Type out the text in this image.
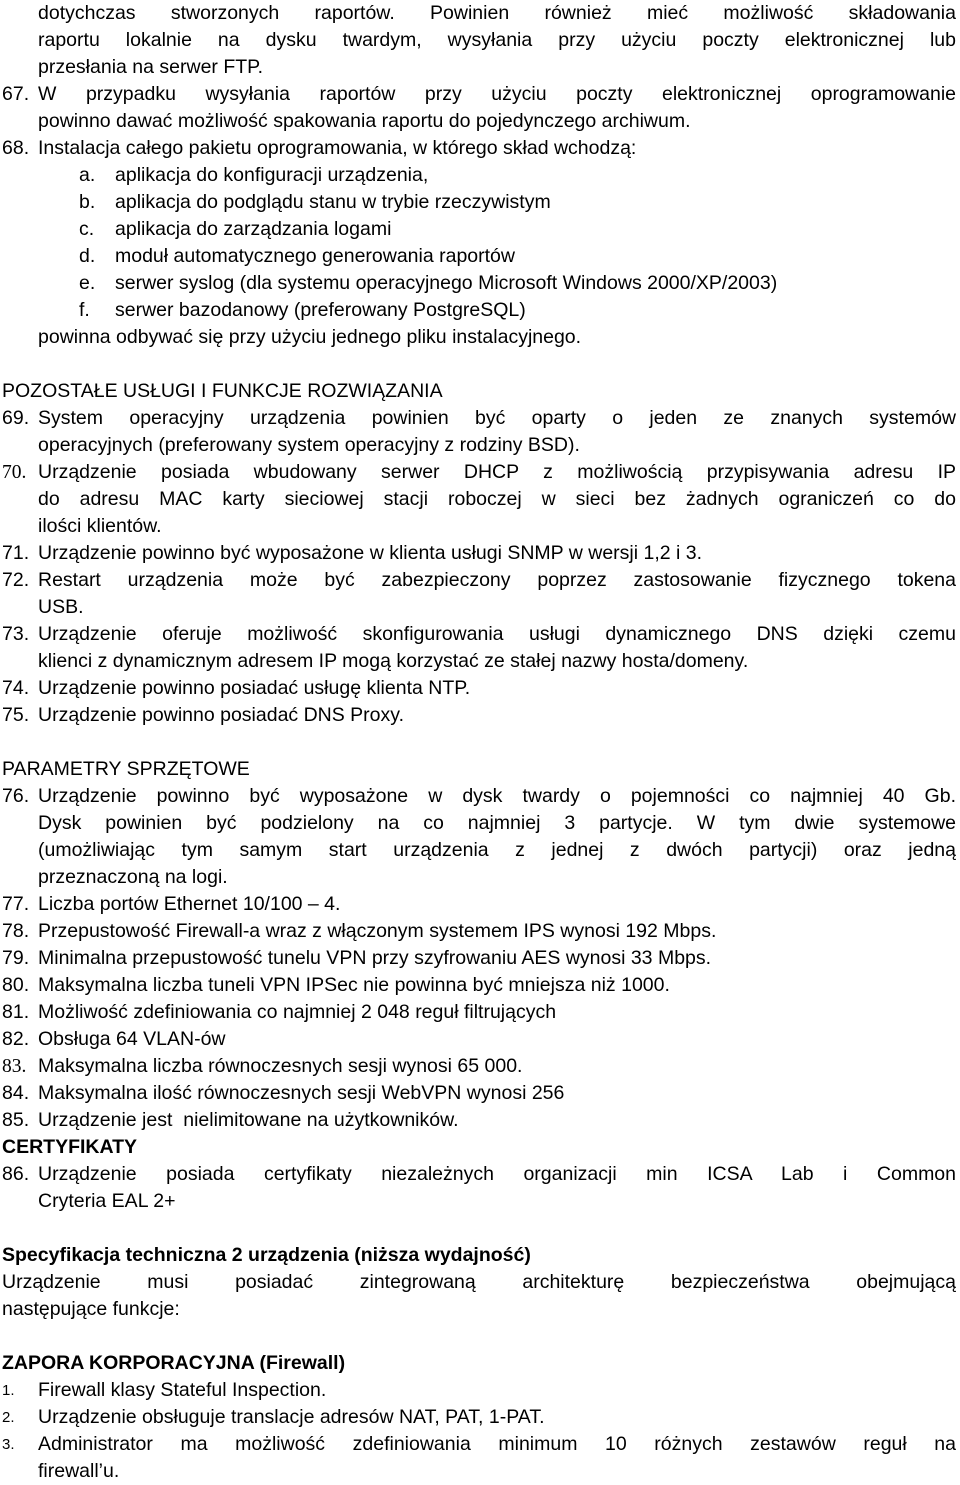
dotychczas stworzonych raportów. Powinien również mieć możliwość składowania
raportu lokalnie na dysku twardym, wysyłania przy użyciu poczty elektronicznej lub
przesłania na serwer FTP.
67. W przypadku wysyłania raportów przy użyciu poczty elektronicznej oprogramowanie
powinno dawać możliwość spakowania raportu do pojedynczego archiwum.
68. Instalacja całego pakietu oprogramowania, w którego skład wchodzą:
a.	aplikacja do konfiguracji urządzenia,
b.	aplikacja do podglądu stanu w trybie rzeczywistym
c.	aplikacja do zarządzania logami
d.	moduł automatycznego generowania raportów
e.	serwer syslog (dla systemu operacyjnego Microsoft Windows 2000/XP/2003)
f.	serwer bazodanowy (preferowany PostgreSQL)
powinna odbywać się przy użyciu jednego pliku instalacyjnego.
POZOSTAŁE USŁUGI I FUNKCJE ROZWIĄZANIA
69. System operacyjny urządzenia powinien być oparty o jeden ze znanych systemów
operacyjnych (preferowany system operacyjny z rodziny BSD).
70. Urządzenie posiada wbudowany serwer DHCP z możliwością przypisywania adresu IP
do adresu MAC karty sieciowej stacji roboczej w sieci bez żadnych ograniczeń co do
ilości klientów.
71. Urządzenie powinno być wyposażone w klienta usługi SNMP w wersji 1,2 i 3.
72. Restart urządzenia może być zabezpieczony poprzez zastosowanie fizycznego tokena
USB.
73. Urządzenie oferuje możliwość skonfigurowania usługi dynamicznego DNS dzięki czemu
klienci z dynamicznym adresem IP mogą korzystać ze stałej nazwy hosta/domeny.
74. Urządzenie powinno posiadać usługę klienta NTP.
75. Urządzenie powinno posiadać DNS Proxy.
PARAMETRY SPRZĘTOWE
76. Urządzenie powinno być wyposażone w dysk twardy o pojemności co najmniej 40 Gb.
Dysk powinien być podzielony na co najmniej 3 partycje. W tym dwie systemowe
(umożliwiając tym samym start urządzenia z jednej z dwóch partycji) oraz jedną
przeznaczoną na logi.
77. Liczba portów Ethernet 10/100 – 4.
78. Przepustowość Firewall-a wraz z włączonym systemem IPS wynosi 192 Mbps.
79. Minimalna przepustowość tunelu VPN przy szyfrowaniu AES wynosi 33 Mbps.
80. Maksymalna liczba tuneli VPN IPSec nie powinna być mniejsza niż 1000.
81. Możliwość zdefiniowania co najmniej 2 048 reguł filtrujących
82. Obsługa 64 VLAN-ów
83. Maksymalna liczba równoczesnych sesji wynosi 65 000.
84. Maksymalna ilość równoczesnych sesji WebVPN wynosi 256
85. Urządzenie jest  nielimitowane na użytkowników.
CERTYFIKATY
86. Urządzenie posiada certyfikaty niezależnych organizacji min ICSA Lab i Common
Cryteria EAL 2+
Specyfikacja techniczna 2 urządzenia (niższa wydajność)
Urządzenie musi posiadać zintegrowaną architekturę bezpieczeństwa obejmującą
następujące funkcje:
ZAPORA KORPORACYJNA (Firewall)
1.	Firewall klasy Stateful Inspection.
2.	Urządzenie obsługuje translacje adresów NAT, PAT, 1-PAT.
3.	Administrator ma możliwość zdefiniowania minimum 10 różnych zestawów reguł na
firewall’u.
